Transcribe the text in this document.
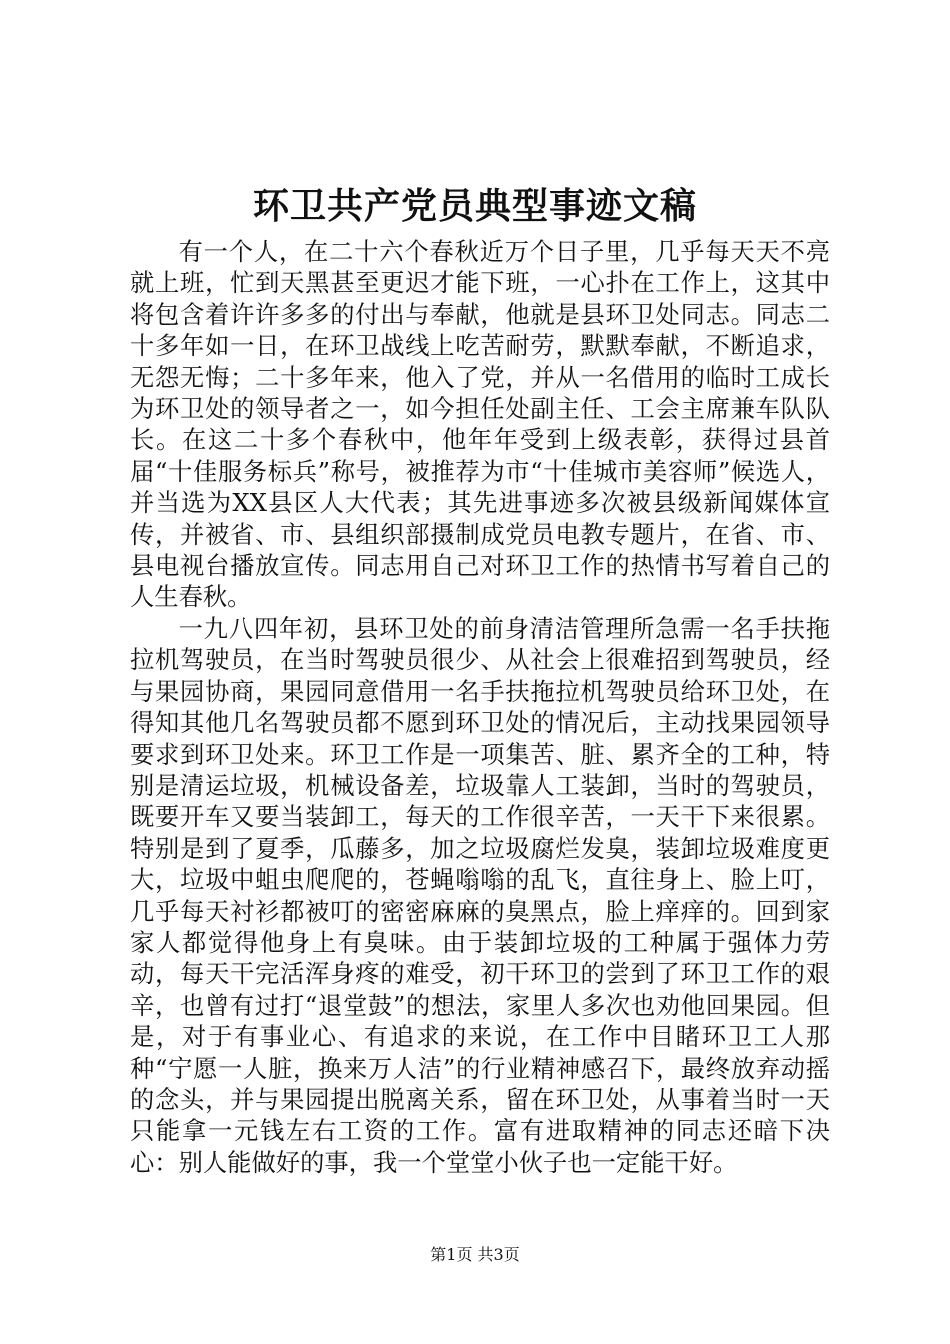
环卫共产党员典型事迹文稿

有一个人，在二十六个春秋近万个日子里，几乎每天天不亮就上班，忙到天黑甚至更迟才能下班，一心扑在工作上，这其中将包含着许许多多的付出与奉献，他就是县环卫处同志。同志二十多年如一日，在环卫战线上吃苦耐劳，默默奉献，不断追求，无怨无悔；二十多年来，他入了党，并从一名借用的临时工成长为环卫处的领导者之一，如今担任处副主任、工会主席兼车队队长。在这二十多个春秋中，他年年受到上级表彰，获得过县首届“十佳服务标兵”称号，被推荐为市“十佳城市美容师”候选人，并当选为XX县区人大代表；其先进事迹多次被县级新闻媒体宣传，并被省、市、县组织部摄制成党员电教专题片，在省、市、县电视台播放宣传。同志用自己对环卫工作的热情书写着自己的人生春秋。

一九八四年初，县环卫处的前身清洁管理所急需一名手扶拖拉机驾驶员，在当时驾驶员很少、从社会上很难招到驾驶员，经与果园协商，果园同意借用一名手扶拖拉机驾驶员给环卫处，在得知其他几名驾驶员都不愿到环卫处的情况后，主动找果园领导要求到环卫处来。环卫工作是一项集苦、脏、累齐全的工种，特别是清运垃圾，机械设备差，垃圾靠人工装卸，当时的驾驶员，既要开车又要当装卸工，每天的工作很辛苦，一天干下来很累。特别是到了夏季，瓜藤多，加之垃圾腐烂发臭，装卸垃圾难度更大，垃圾中蛆虫爬爬的，苍蝇嗡嗡的乱飞，直往身上、脸上叮，几乎每天衬衫都被叮的密密麻麻的臭黑点，脸上痒痒的。回到家家人都觉得他身上有臭味。由于装卸垃圾的工种属于强体力劳动，每天干完活浑身疼的难受，初干环卫的尝到了环卫工作的艰辛，也曾有过打“退堂鼓”的想法，家里人多次也劝他回果园。但是，对于有事业心、有追求的来说，在工作中目睹环卫工人那种“宁愿一人脏，换来万人洁”的行业精神感召下，最终放弃动摇的念头，并与果园提出脱离关系，留在环卫处，从事着当时一天只能拿一元钱左右工资的工作。富有进取精神的同志还暗下决心：别人能做好的事，我一个堂堂小伙子也一定能干好。

第1页 共3页
